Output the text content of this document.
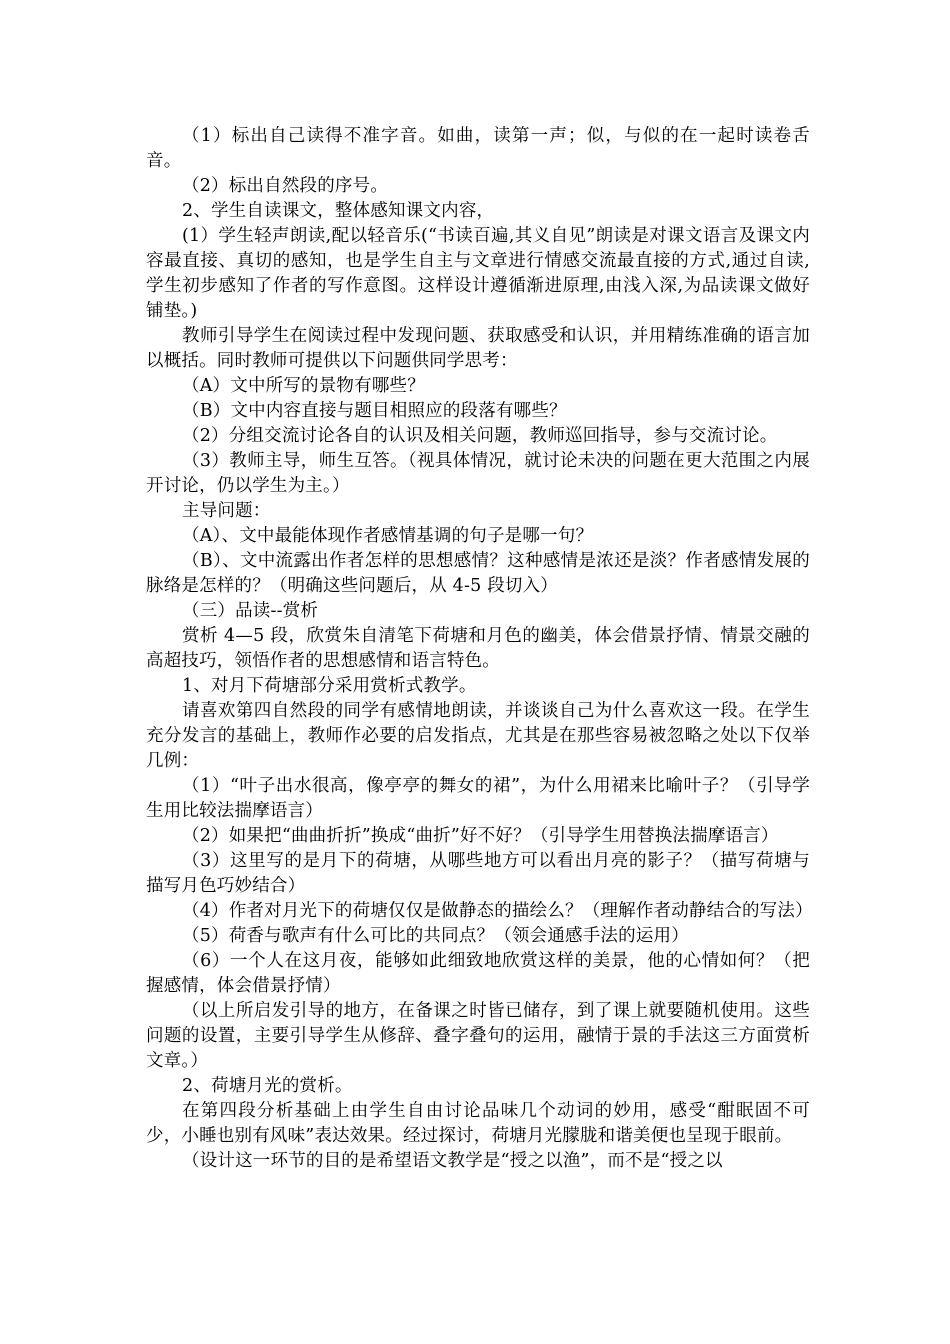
（1）标出自己读得不准字音。如曲，读第一声；似，与似的在一起时读卷舌音。

（2）标出自然段的序号。

2、学生自读课文，整体感知课文内容，

(1）学生轻声朗读,配以轻音乐(“书读百遍,其义自见”朗读是对课文语言及课文内容最直接、真切的感知，也是学生自主与文章进行情感交流最直接的方式,通过自读,学生初步感知了作者的写作意图。这样设计遵循渐进原理,由浅入深,为品读课文做好铺垫。)

教师引导学生在阅读过程中发现问题、获取感受和认识，并用精练准确的语言加以概括。同时教师可提供以下问题供同学思考：

（A）文中所写的景物有哪些？

（B）文中内容直接与题目相照应的段落有哪些？

（2）分组交流讨论各自的认识及相关问题，教师巡回指导，参与交流讨论。

（3）教师主导，师生互答。（视具体情况，就讨论未决的问题在更大范围之内展开讨论，仍以学生为主。）

主导问题：

（A）、文中最能体现作者感情基调的句子是哪一句？

（B）、文中流露出作者怎样的思想感情？这种感情是浓还是淡？作者感情发展的脉络是怎样的？（明确这些问题后，从 4-5 段切入）

（三）品读--赏析

赏析 4—5 段，欣赏朱自清笔下荷塘和月色的幽美，体会借景抒情、情景交融的高超技巧，领悟作者的思想感情和语言特色。

1、对月下荷塘部分采用赏析式教学。

请喜欢第四自然段的同学有感情地朗读，并谈谈自己为什么喜欢这一段。在学生充分发言的基础上，教师作必要的启发指点，尤其是在那些容易被忽略之处以下仅举几例：

（1）“叶子出水很高，像亭亭的舞女的裙”，为什么用裙来比喻叶子？（引导学生用比较法揣摩语言）

（2）如果把“曲曲折折”换成“曲折”好不好？（引导学生用替换法揣摩语言）

（3）这里写的是月下的荷塘，从哪些地方可以看出月亮的影子？（描写荷塘与描写月色巧妙结合）

（4）作者对月光下的荷塘仅仅是做静态的描绘么？（理解作者动静结合的写法）

（5）荷香与歌声有什么可比的共同点？（领会通感手法的运用）

（6）一个人在这月夜，能够如此细致地欣赏这样的美景，他的心情如何？（把握感情，体会借景抒情）

（以上所启发引导的地方，在备课之时皆已储存，到了课上就要随机使用。这些问题的设置，主要引导学生从修辞、叠字叠句的运用，融情于景的手法这三方面赏析文章。）

2、荷塘月光的赏析。

在第四段分析基础上由学生自由讨论品味几个动词的妙用，感受“酣眠固不可少，小睡也别有风味”表达效果。经过探讨，荷塘月光朦胧和谐美便也呈现于眼前。

（设计这一环节的目的是希望语文教学是“授之以渔”，而不是“授之以
